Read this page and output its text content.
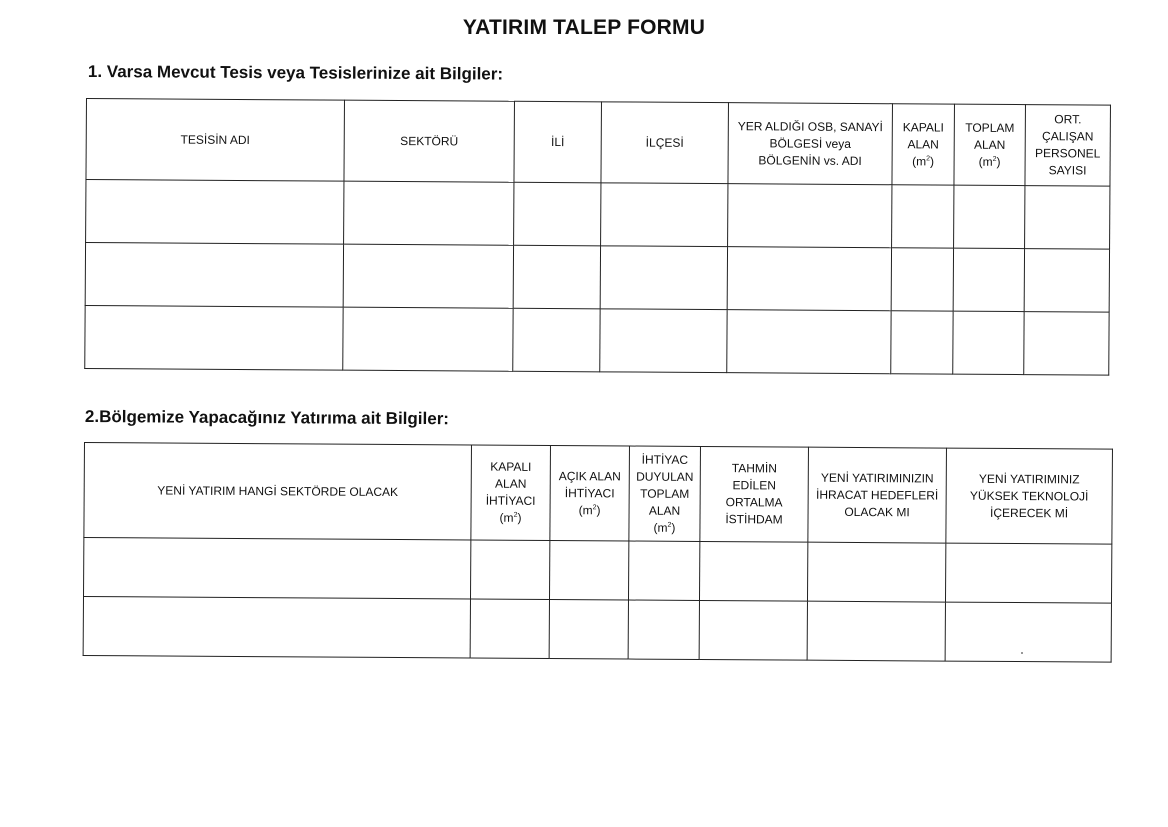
YATIRIM TALEP FORMU
1. Varsa Mevcut Tesis veya Tesislerinize ait Bilgiler:
TESİSİN ADI	SEKTÖRÜ	İLİ	İLÇESİ	YER ALDIĞI OSB, SANAYİ
BÖLGESİ veya
BÖLGENİN vs. ADI	KAPALI
ALAN
$(m^2)$	TOPLAM
ALAN
$(m^2)$	ORT.
ÇALIŞAN
PERSONEL
SAYISI

2.Bölgemize Yapacağınız Yatırıma ait Bilgiler:
YENİ YATIRIM HANGİ SEKTÖRDE OLACAK	KAPALI
ALAN
İHTİYACI
$(m^2)$	AÇIK ALAN
İHTİYACI
$(m^2)$	İHTİYAC
DUYULAN
TOPLAM
ALAN
$(m^2)$	TAHMİN
EDİLEN
ORTALMA
İSTİHDAM	YENİ YATIRIMINIZIN
İHRACAT HEDEFLERİ
OLACAK MI	YENİ YATIRIMINIZ
YÜKSEK TEKNOLOJİ
İÇERECEK Mİ
